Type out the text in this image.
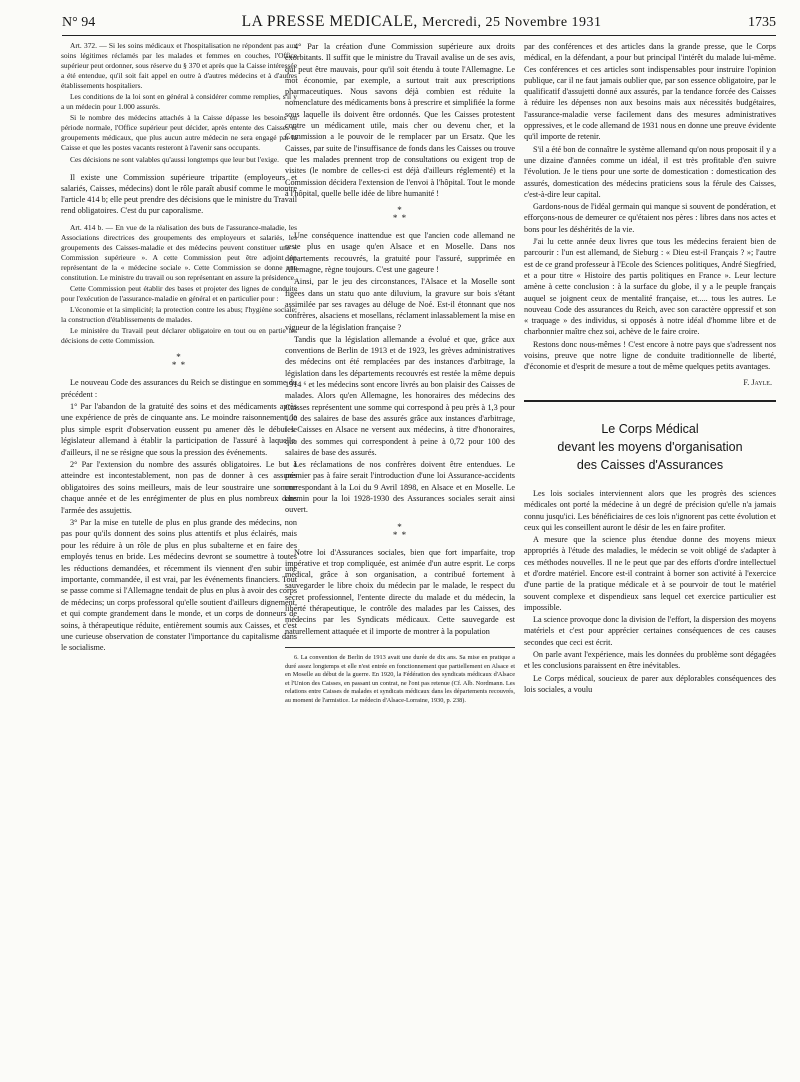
N° 94	LA PRESSE MEDICALE, Mercredi, 25 Novembre 1931	1735

Art. 372. — Si les soins médicaux et l'hospitalisation ne répondent pas aux soins légitimes réclamés par les malades et femmes en couches, l'Office supérieur peut ordonner, sous réserve du § 370 et après que la Caisse intéressée a été entendue, qu'il soit fait appel en outre à d'autres médecins et à d'autres établissements hospitaliers.

Les conditions de la loi sont en général à considérer comme remplies, s'il y a un médecin pour 1.000 assurés.

Si le nombre des médecins attachés à la Caisse dépasse les besoins en période normale, l'Office supérieur peut décider, après entente des Caisses et groupements médicaux, que plus aucun autre médecin ne sera engagé par la Caisse et que les postes vacants resteront à l'avenir sans occupants.

Ces décisions ne sont valables qu'aussi longtemps que leur but l'exige.

Il existe une Commission supérieure tripartite (employeurs et salariés, Caisses, médecins) dont le rôle paraît abusif comme le montre l'article 414 b; elle peut prendre des décisions que le ministre du Travail rend obligatoires. C'est du pur caporalisme.

Art. 414 b. — En vue de la réalisation des buts de l'assurance-maladie, les Associations directrices des groupements des employeurs et salariés, les groupements des Caisses-maladie et des médecins peuvent constituer une « Commission supérieure ». A cette Commission peut être adjoint un représentant de la « médecine sociale ». Cette Commission se donne une constitution. Le ministre du travail ou son représentant en assure la présidence.

Cette Commission peut établir des bases et projeter des lignes de conduite pour l'exécution de l'assurance-maladie en général et en particulier pour :

L'économie et la simplicité; la protection contre les abus; l'hygiène sociale; la construction d'établissements de malades.

Le ministère du Travail peut déclarer obligatoire en tout ou en partie les décisions de cette Commission.

*
* *

Le nouveau Code des assurances du Reich se distingue en somme du précédent :

1° Par l'abandon de la gratuité des soins et des médicaments après une expérience de près de cinquante ans. Le moindre raisonnement, le plus simple esprit d'observation eussent pu amener dès le début le législateur allemand à établir la participation de l'assuré à laquelle, d'ailleurs, il ne se résigne que sous la pression des événements.

2° Par l'extension du nombre des assurés obligatoires. Le but à atteindre est incontestablement, non pas de donner à ces assurés obligatoires des soins meilleurs, mais de leur soustraire une somme chaque année et de les enrégimenter de plus en plus nombreux dans l'armée des assujettis.

3° Par la mise en tutelle de plus en plus grande des médecins, non pas pour qu'ils donnent des soins plus attentifs et plus éclairés, mais pour les réduire à un rôle de plus en plus subalterne et en faire des employés tenus en bride. Les médecins devront se soumettre à toutes les réductions demandées, et récemment ils viennent d'en subir une importante, commandée, il est vrai, par les événements financiers. Tout se passe comme si l'Allemagne tendait de plus en plus à avoir des corps de médecins; un corps professoral qu'elle soutient d'ailleurs dignement, et qui compte grandement dans le monde, et un corps de donneurs de soins, à thérapeutique réduite, entièrement soumis aux Caisses, et c'est une curieuse observation de constater l'importance du capitalisme dans le socialisme.

4° Par la création d'une Commission supérieure aux droits exorbitants. Il suffit que le ministre du Travail avalise un de ses avis, qui peut être mauvais, pour qu'il soit étendu à toute l'Allemagne. Le mot économie, par exemple, a surtout trait aux prescriptions pharmaceutiques. Nous savons déjà combien est réduite la nomenclature des médicaments bons à prescrire et simplifiée la forme sous laquelle ils doivent être ordonnés. Que les Caisses protestent contre un médicament utile, mais cher ou devenu cher, et la Commission a le pouvoir de le remplacer par un Ersatz. Que les Caisses, par suite de l'insuffisance de fonds dans les Caisses ou trouve que les malades prennent trop de consultations ou exigent trop de visites (le nombre de celles-ci est déjà d'ailleurs réglementé) et la Commission décidera l'extension de l'envoi à l'hôpital. Tout le monde à l'hôpital, quelle belle idée de libre humanité !

*
* *

Une conséquence inattendue est que l'ancien code allemand ne reste plus en usage qu'en Alsace et en Moselle. Dans nos départements recouvrés, la gratuité pour l'assuré, supprimée en Allemagne, règne toujours. C'est une gageure !

Ainsi, par le jeu des circonstances, l'Alsace et la Moselle sont figées dans un statu quo ante diluvium, la gravure sur bois s'étant assimilée par ses ravages au déluge de Noé. Est-il étonnant que nos confrères, alsaciens et mosellans, réclament inlassablement la mise en vigueur de la législation française ?

Tandis que la législation allemande a évolué et que, grâce aux conventions de Berlin de 1913 et de 1923, les grèves administratives des médecins ont été remplacées par des instances d'arbitrage, la législation dans les départements recouvrés est restée la même depuis 1914 ⁶ et les médecins sont encore livrés au bon plaisir des Caisses de malades. Alors qu'en Allemagne, les honoraires des médecins des Caisses représentent une somme qui correspond à peu près à 1,3 pour 100 des salaires de base des assurés grâce aux instances d'arbitrage, les Caisses en Alsace ne versent aux médecins, à titre d'honoraires, que des sommes qui correspondent à peine à 0,72 pour 100 des salaires de base des assurés.

Les réclamations de nos confrères doivent être entendues. Le premier pas à faire serait l'introduction d'une loi Assurance-accidents correspondant à la Loi du 9 Avril 1898, en Alsace et en Moselle. Le chemin pour la loi 1928-1930 des Assurances sociales serait ainsi ouvert.

*
* *

Notre loi d'Assurances sociales, bien que fort imparfaite, trop impérative et trop compliquée, est animée d'un autre esprit. Le corps médical, grâce à son organisation, a contribué fortement à sauvegarder le libre choix du médecin par le malade, le respect du secret professionnel, l'entente directe du malade et du médecin, la liberté thérapeutique, le contrôle des malades par les Caisses, des médecins par les Syndicats médicaux. Cette sauvegarde est naturellement attaquée et il importe de montrer à la population

6. La convention de Berlin de 1913 avait une durée de dix ans. Sa mise en pratique a duré assez longtemps et elle n'est entrée en fonctionnement que partiellement en Alsace et en Moselle au début de la guerre. En 1920, la Fédération des syndicats médicaux d'Alsace et l'Union des Caisses, en passant un contrat, ne l'ont pas retenue (Cf. Alb. Nordmann. Les relations entre Caisses de malades et syndicats médicaux dans les départements recouvrés, au moment de l'armistice. Le médecin d'Alsace-Lorraine, 1930, p. 238).

par des conférences et des articles dans la grande presse, que le Corps médical, en la défendant, a pour but principal l'intérêt du malade lui-même. Ces conférences et ces articles sont indispensables pour instruire l'opinion publique, car il ne faut jamais oublier que, par son essence obligatoire, par le qualificatif d'assujetti donné aux assurés, par la tendance forcée des Caisses à réduire les dépenses non aux besoins mais aux nécessités budgétaires, l'assurance-maladie verse facilement dans des mesures administratives oppressives, et le code allemand de 1931 nous en donne une preuve évidente qu'il importe de retenir.

S'il a été bon de connaître le système allemand qu'on nous proposait il y a une dizaine d'années comme un idéal, il est très profitable d'en suivre l'évolution. Je le tiens pour une sorte de domestication : domestication des assurés, domestication des médecins praticiens sous la férule des Caisses, c'est-à-dire leur capital.

Gardons-nous de l'idéal germain qui manque si souvent de pondération, et efforçons-nous de demeurer ce qu'étaient nos pères : libres dans nos actes et bons pour les déshérités de la vie.

J'ai lu cette année deux livres que tous les médecins feraient bien de parcourir : l'un est allemand, de Sieburg : « Dieu est-il Français ? »; l'autre est de ce grand professeur à l'Ecole des Sciences politiques, André Siegfried, et a pour titre « Histoire des partis politiques en France ». Leur lecture amène à cette conclusion : à la surface du globe, il y a le peuple français auquel se joignent ceux de mentalité française, et..... tous les autres. Le nouveau Code des assurances du Reich, avec son caractère oppressif et son « traquage » des individus, si opposés à notre idéal d'homme libre et de charbonnier maître chez soi, achève de le faire croire.

Restons donc nous-mêmes ! C'est encore à notre pays que s'adressent nos voisins, preuve que notre ligne de conduite traditionnelle de liberté, d'économie et d'esprit de mesure a tout de même quelques petits avantages.

F. Jayle.
Le Corps Médical
devant les moyens d'organisation
des Caisses d'Assurances

Les lois sociales interviennent alors que les progrès des sciences médicales ont porté la médecine à un degré de précision qu'elle n'a jamais connu jusqu'ici. Les bénéficiaires de ces lois n'ignorent pas cette évolution et ceux qui les conseillent auront le désir de les en faire profiter.

A mesure que la science plus étendue donne des moyens mieux appropriés à l'étude des maladies, le médecin se voit obligé de s'adapter à ces méthodes nouvelles. Il ne le peut que par des efforts d'ordre intellectuel et d'ordre matériel. Encore est-il contraint à borner son activité à l'exercice d'une partie de la pratique médicale et à se pourvoir de tout le matériel souvent complexe et dispendieux sans lequel cet exercice particulier est impossible.

La science provoque donc la division de l'effort, la dispersion des moyens matériels et c'est pour apprécier certaines conséquences de ces causes secondes que ceci est écrit.

On parle avant l'expérience, mais les données du problème sont dégagées et les conclusions paraissent en être inévitables.

Le Corps médical, soucieux de parer aux déplorables conséquences des lois sociales, a voulu
